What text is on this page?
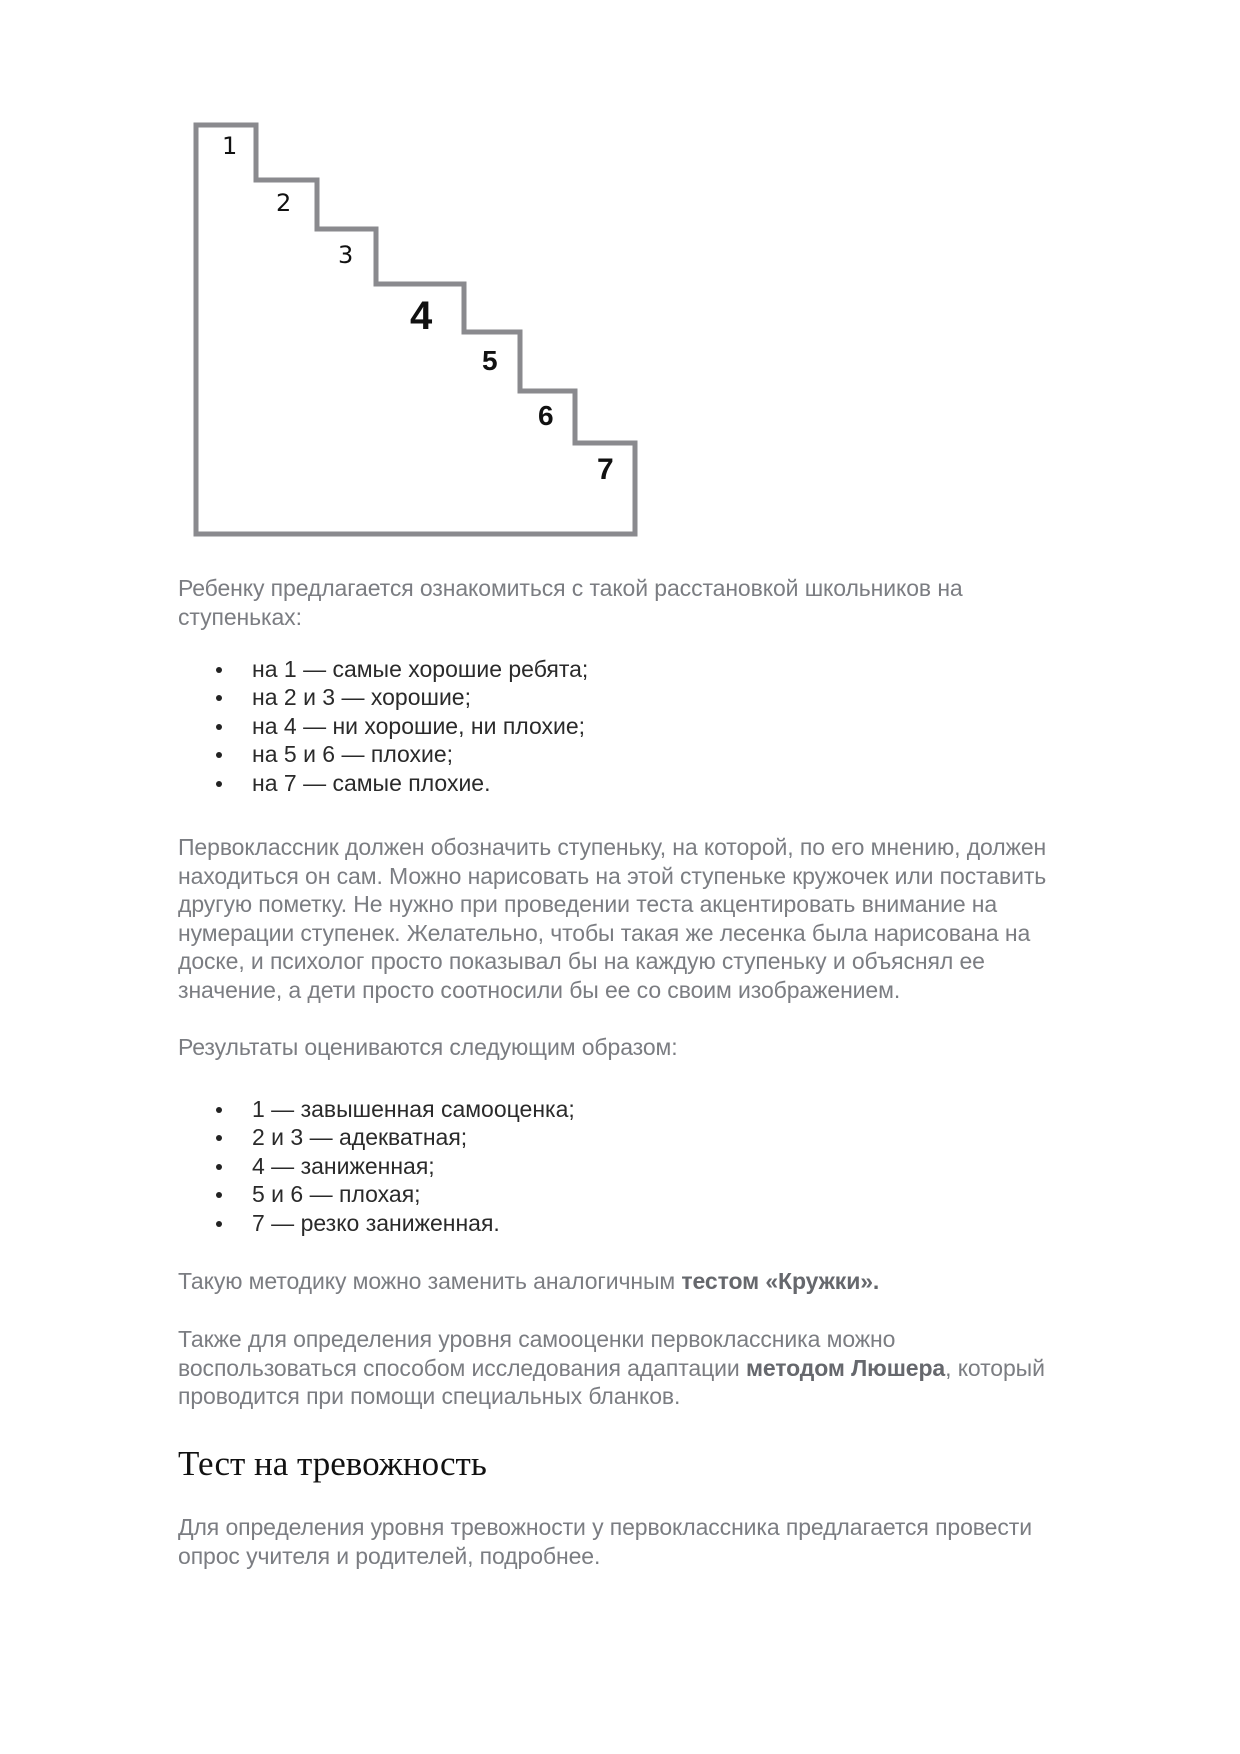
1
2
3
4
5
6
7

Ребенку предлагается ознакомиться с такой расстановкой школьников на
ступеньках:

на 1 — самые хорошие ребята;
на 2 и 3 — хорошие;
на 4 — ни хорошие, ни плохие;
на 5 и 6 — плохие;
на 7 — самые плохие.

Первоклассник должен обозначить ступеньку, на которой, по его мнению, должен
находиться он сам. Можно нарисовать на этой ступеньке кружочек или поставить
другую пометку. Не нужно при проведении теста акцентировать внимание на
нумерации ступенек. Желательно, чтобы такая же лесенка была нарисована на
доске, и психолог просто показывал бы на каждую ступеньку и объяснял ее
значение, а дети просто соотносили бы ее со своим изображением.

Результаты оцениваются следующим образом:

1 — завышенная самооценка;
2 и 3 — адекватная;
4 — заниженная;
5 и 6 — плохая;
7 — резко заниженная.

Такую методику можно заменить аналогичным тестом «Кружки».

Также для определения уровня самооценки первоклассника можно
воспользоваться способом исследования адаптации методом Люшера, который
проводится при помощи специальных бланков.

Тест на тревожность

Для определения уровня тревожности у первоклассника предлагается провести
опрос учителя и родителей, подробнее.
